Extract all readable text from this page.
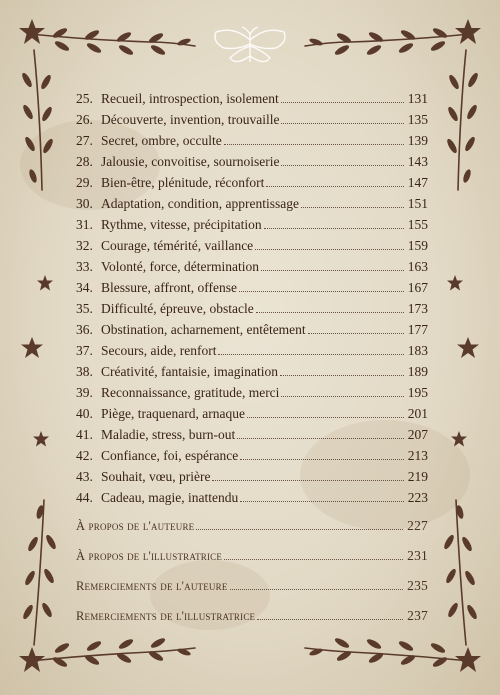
25. Recueil, introspection, isolement	131
26. Découverte, invention, trouvaille	135
27. Secret, ombre, occulte	139
28. Jalousie, convoitise, sournoiserie	143
29. Bien-être, plénitude, réconfort	147
30. Adaptation, condition, apprentissage	151
31. Rythme, vitesse, précipitation	155
32. Courage, témérité, vaillance	159
33. Volonté, force, détermination	163
34. Blessure, affront, offense	167
35. Difficulté, épreuve, obstacle	173
36. Obstination, acharnement, entêtement	177
37. Secours, aide, renfort	183
38. Créativité, fantaisie, imagination	189
39. Reconnaissance, gratitude, merci	195
40. Piège, traquenard, arnaque	201
41. Maladie, stress, burn-out	207
42. Confiance, foi, espérance	213
43. Souhait, vœu, prière	219
44. Cadeau, magie, inattendu	223
À propos de l'auteure	227
À propos de l'illustratrice	231
Remerciements de l'auteure	235
Remerciements de l'illustratrice	237
